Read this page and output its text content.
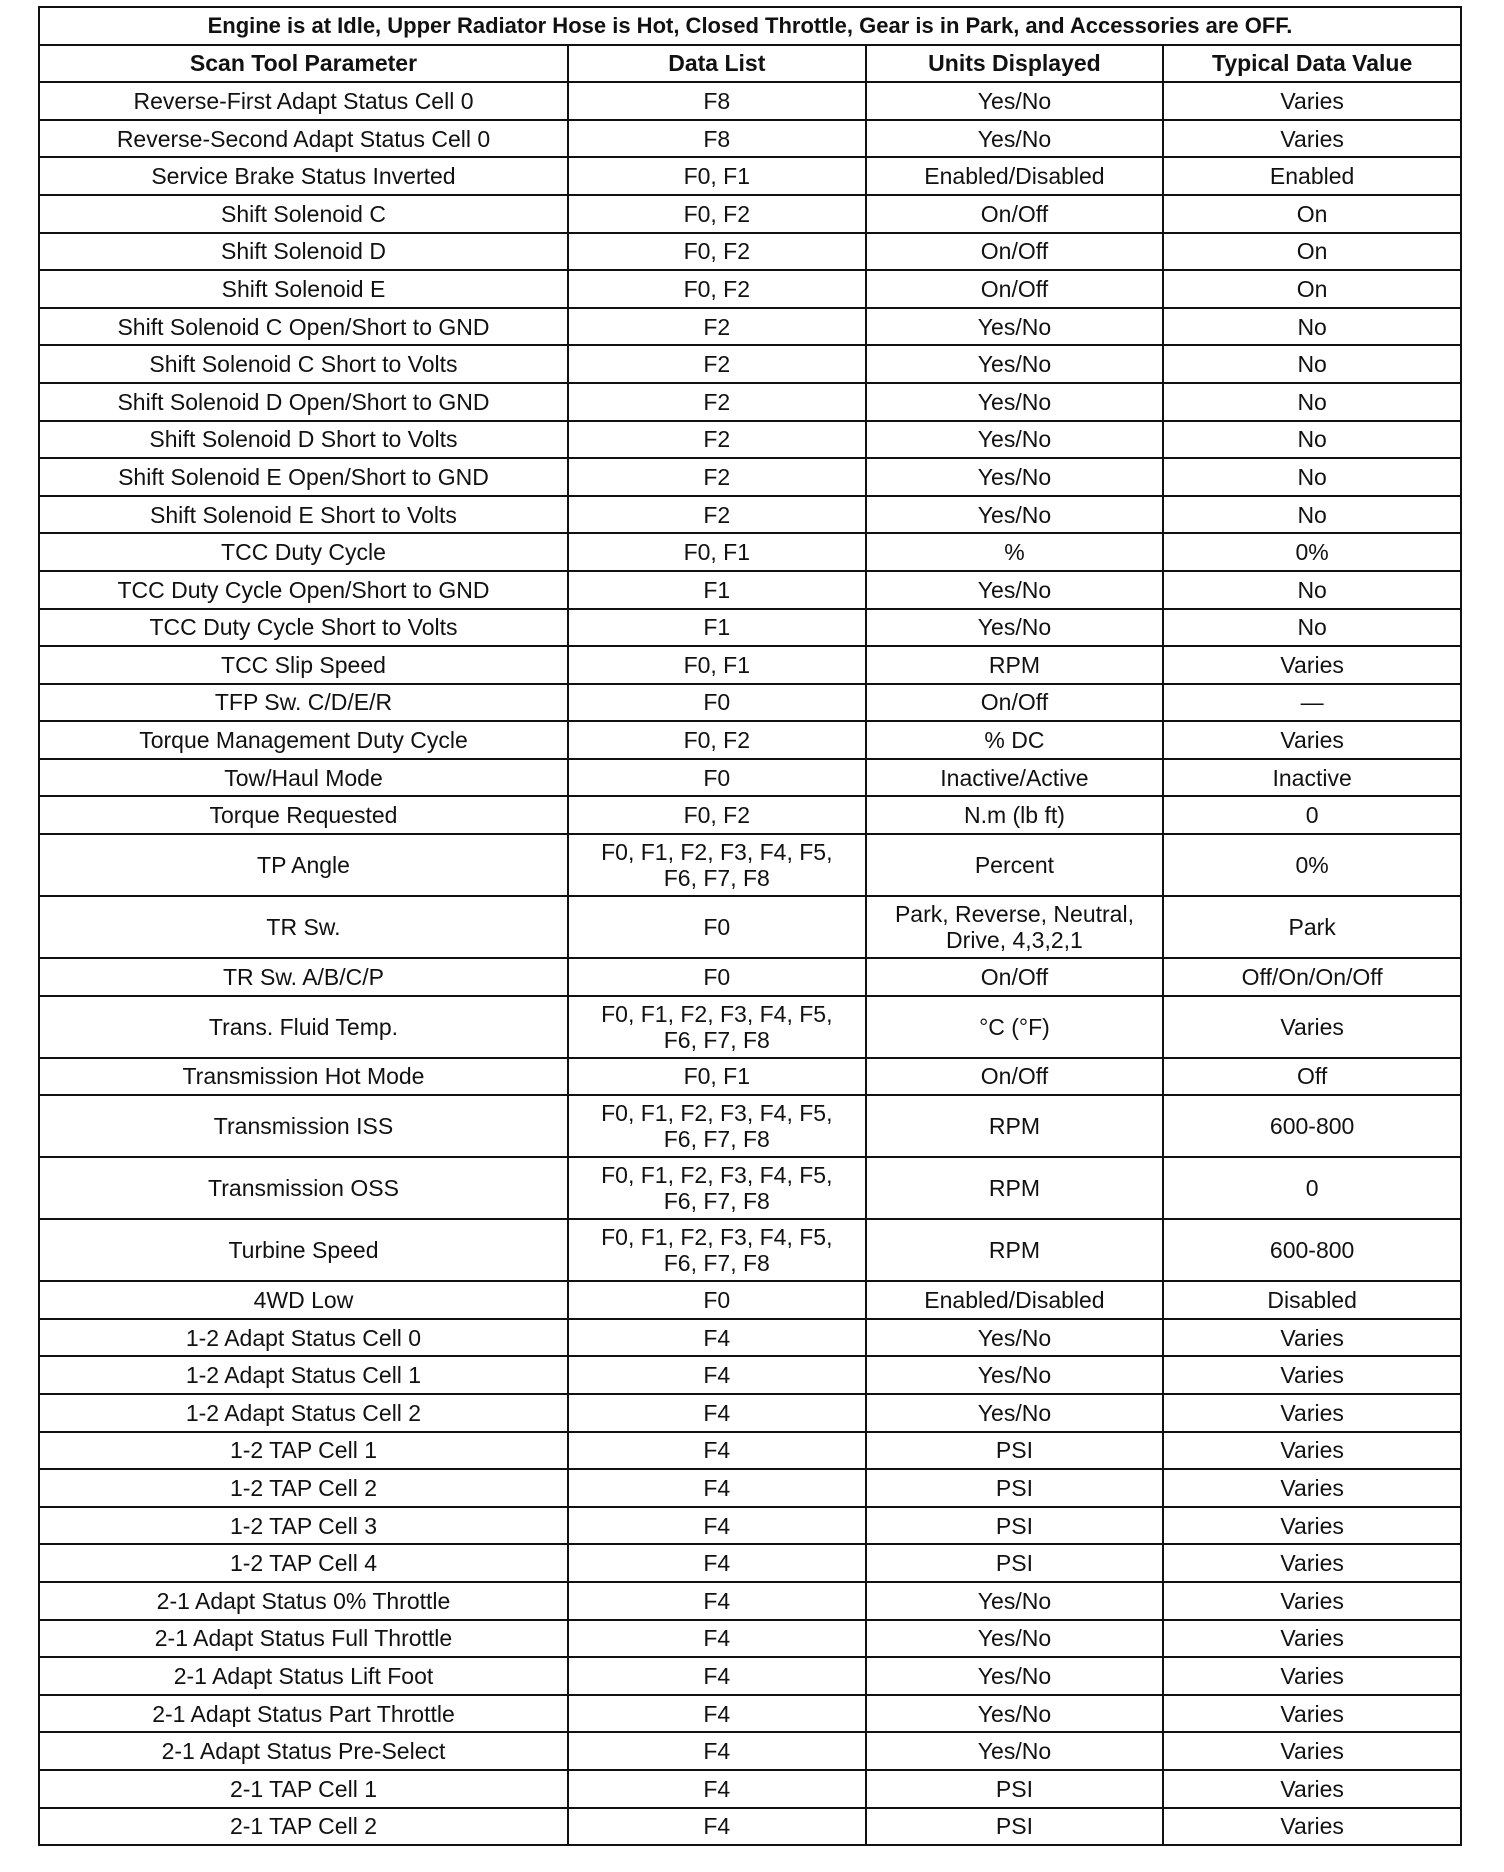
Engine is at Idle, Upper Radiator Hose is Hot, Closed Throttle, Gear is in Park, and Accessories are OFF.			
Scan Tool Parameter	Data List	Units Displayed	Typical Data Value

Reverse-First Adapt Status Cell 0	F8	Yes/No	Varies

Reverse-Second Adapt Status Cell 0	F8	Yes/No	Varies

Service Brake Status Inverted	F0, F1	Enabled/Disabled	Enabled

Shift Solenoid C	F0, F2	On/Off	On

Shift Solenoid D	F0, F2	On/Off	On

Shift Solenoid E	F0, F2	On/Off	On

Shift Solenoid C Open/Short to GND	F2	Yes/No	No

Shift Solenoid C Short to Volts	F2	Yes/No	No

Shift Solenoid D Open/Short to GND	F2	Yes/No	No

Shift Solenoid D Short to Volts	F2	Yes/No	No

Shift Solenoid E Open/Short to GND	F2	Yes/No	No

Shift Solenoid E Short to Volts	F2	Yes/No	No

TCC Duty Cycle	F0, F1	%	0%

TCC Duty Cycle Open/Short to GND	F1	Yes/No	No

TCC Duty Cycle Short to Volts	F1	Yes/No	No

TCC Slip Speed	F0, F1	RPM	Varies

TFP Sw. C/D/E/R	F0	On/Off	—

Torque Management Duty Cycle	F0, F2	% DC	Varies

Tow/Haul Mode	F0	Inactive/Active	Inactive

Torque Requested	F0, F2	N.m (lb ft)	0

TP Angle	F0, F1, F2, F3, F4, F5,
F6, F7, F8	Percent	0%

TR Sw.	F0	Park, Reverse, Neutral,
Drive, 4,3,2,1	Park

TR Sw. A/B/C/P	F0	On/Off	Off/On/On/Off

Trans. Fluid Temp.	F0, F1, F2, F3, F4, F5,
F6, F7, F8	°C (°F)	Varies

Transmission Hot Mode	F0, F1	On/Off	Off

Transmission ISS	F0, F1, F2, F3, F4, F5,
F6, F7, F8	RPM	600-800

Transmission OSS	F0, F1, F2, F3, F4, F5,
F6, F7, F8	RPM	0

Turbine Speed	F0, F1, F2, F3, F4, F5,
F6, F7, F8	RPM	600-800

4WD Low	F0	Enabled/Disabled	Disabled

1-2 Adapt Status Cell 0	F4	Yes/No	Varies

1-2 Adapt Status Cell 1	F4	Yes/No	Varies

1-2 Adapt Status Cell 2	F4	Yes/No	Varies

1-2 TAP Cell 1	F4	PSI	Varies

1-2 TAP Cell 2	F4	PSI	Varies

1-2 TAP Cell 3	F4	PSI	Varies

1-2 TAP Cell 4	F4	PSI	Varies

2-1 Adapt Status 0% Throttle	F4	Yes/No	Varies

2-1 Adapt Status Full Throttle	F4	Yes/No	Varies

2-1 Adapt Status Lift Foot	F4	Yes/No	Varies

2-1 Adapt Status Part Throttle	F4	Yes/No	Varies

2-1 Adapt Status Pre-Select	F4	Yes/No	Varies

2-1 TAP Cell 1	F4	PSI	Varies

2-1 TAP Cell 2	F4	PSI	Varies
